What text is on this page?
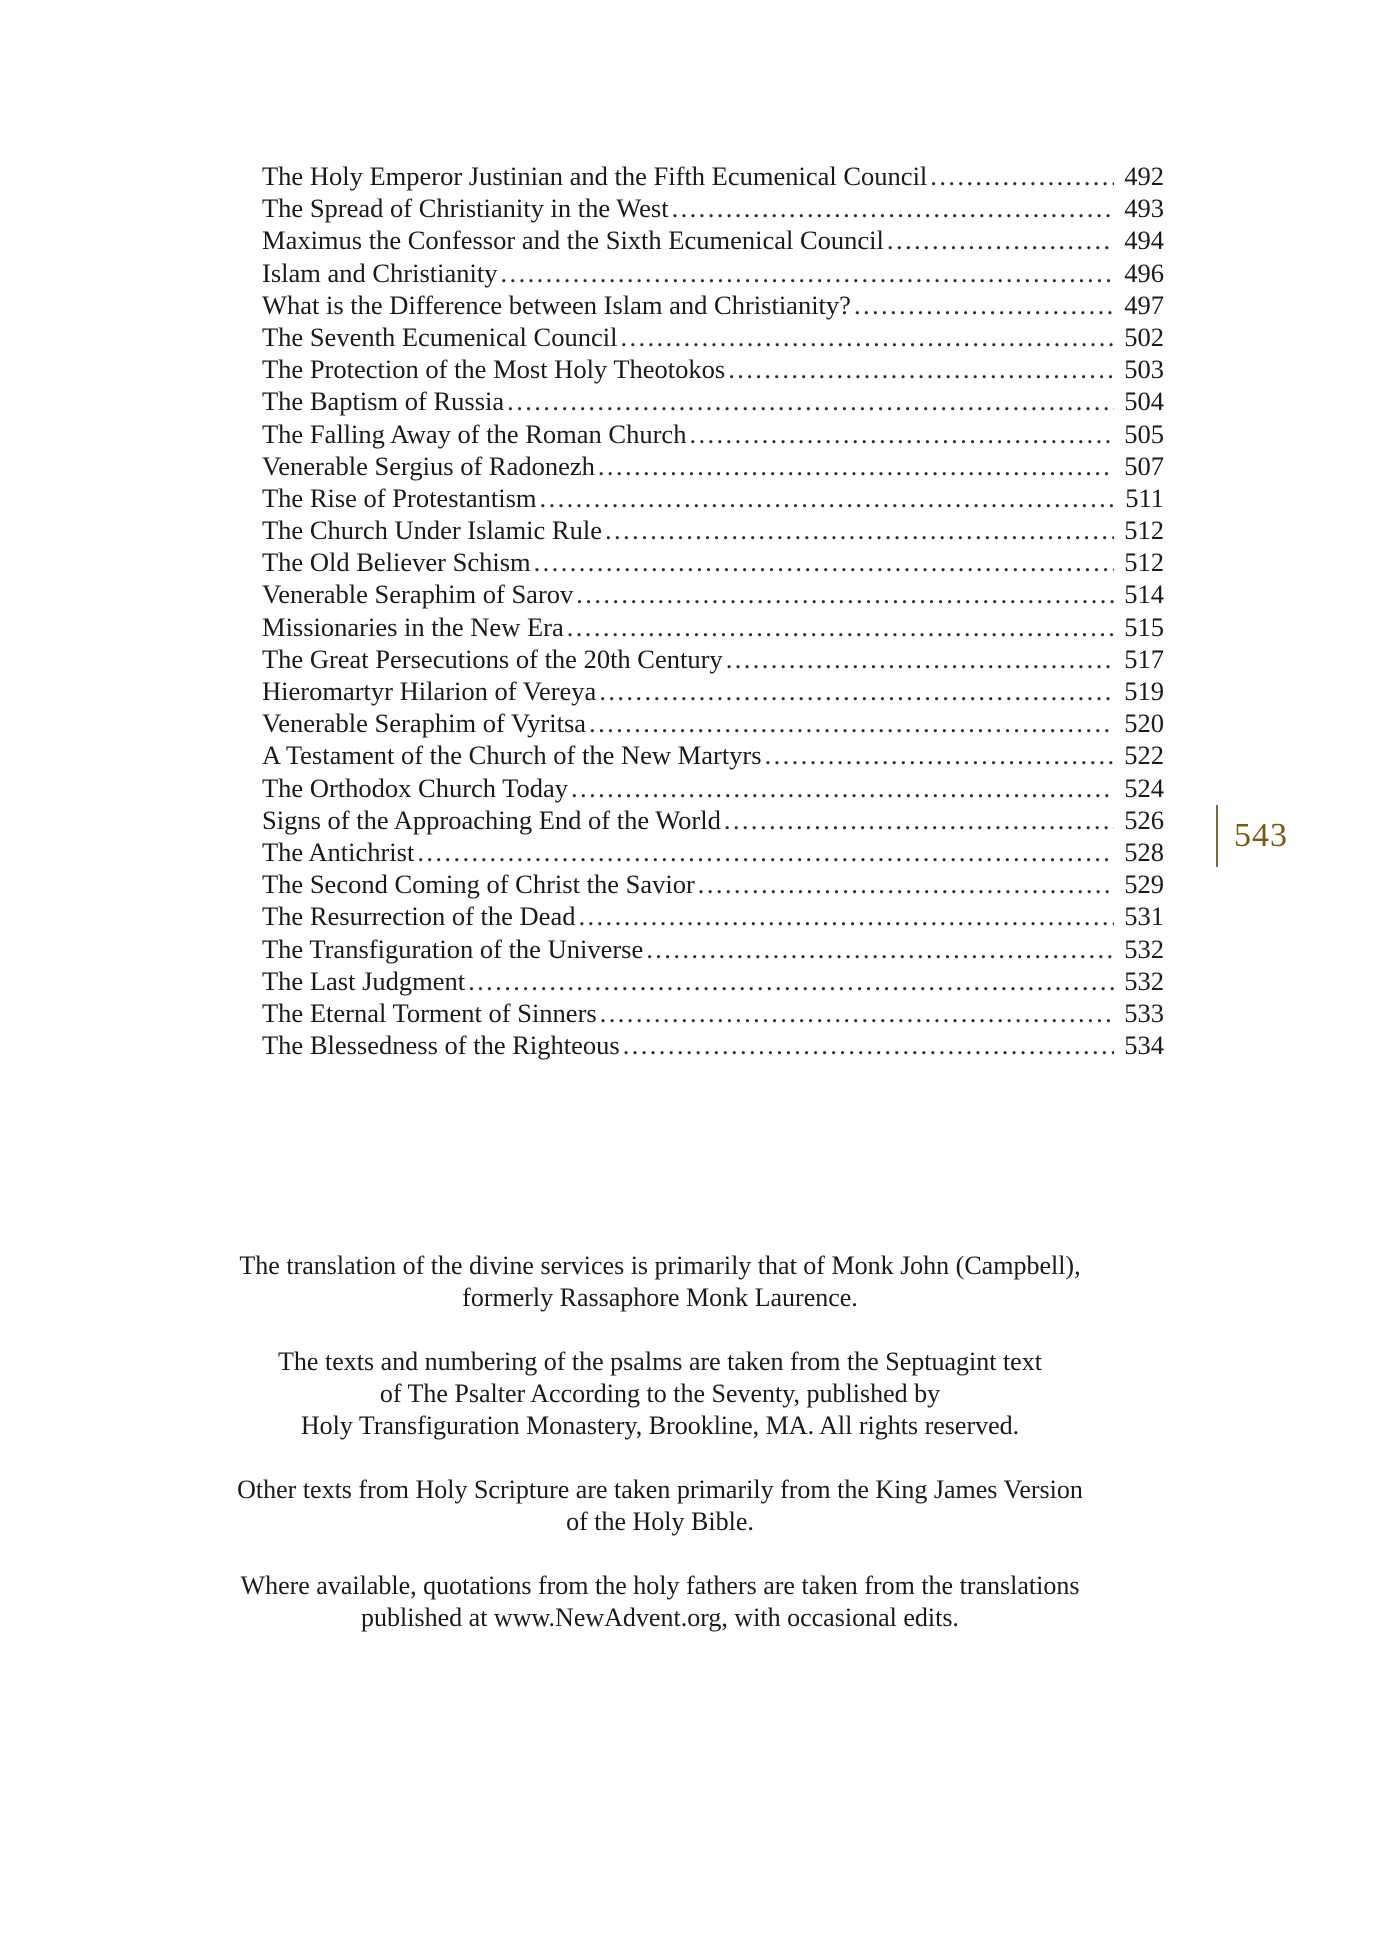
The Holy Emperor Justinian and the Fifth Ecumenical Council .....	492
The Spread of Christianity in the West .....	493
Maximus the Confessor and the Sixth Ecumenical Council .....	494
Islam and Christianity .....	496
What is the Difference between Islam and Christianity? .....	497
The Seventh Ecumenical Council .....	502
The Protection of the Most Holy Theotokos .....	503
The Baptism of Russia .....	504
The Falling Away of the Roman Church .....	505
Venerable Sergius of Radonezh .....	507
The Rise of Protestantism .....	511
The Church Under Islamic Rule .....	512
The Old Believer Schism .....	512
Venerable Seraphim of Sarov .....	514
Missionaries in the New Era .....	515
The Great Persecutions of the 20th Century .....	517
Hieromartyr Hilarion of Vereya .....	519
Venerable Seraphim of Vyritsa .....	520
A Testament of the Church of the New Martyrs .....	522
The Orthodox Church Today .....	524
Signs of the Approaching End of the World .....	526
The Antichrist .....	528
The Second Coming of Christ the Savior .....	529
The Resurrection of the Dead .....	531
The Transfiguration of the Universe .....	532
The Last Judgment .....	532
The Eternal Torment of Sinners .....	533
The Blessedness of the Righteous .....	534
543

The translation of the divine services is primarily that of Monk John (Campbell),
formerly Rassaphore Monk Laurence.

The texts and numbering of the psalms are taken from the Septuagint text
of The Psalter According to the Seventy, published by
Holy Transfiguration Monastery, Brookline, MA. All rights reserved.

Other texts from Holy Scripture are taken primarily from the King James Version
of the Holy Bible.

Where available, quotations from the holy fathers are taken from the translations
published at www.NewAdvent.org, with occasional edits.
